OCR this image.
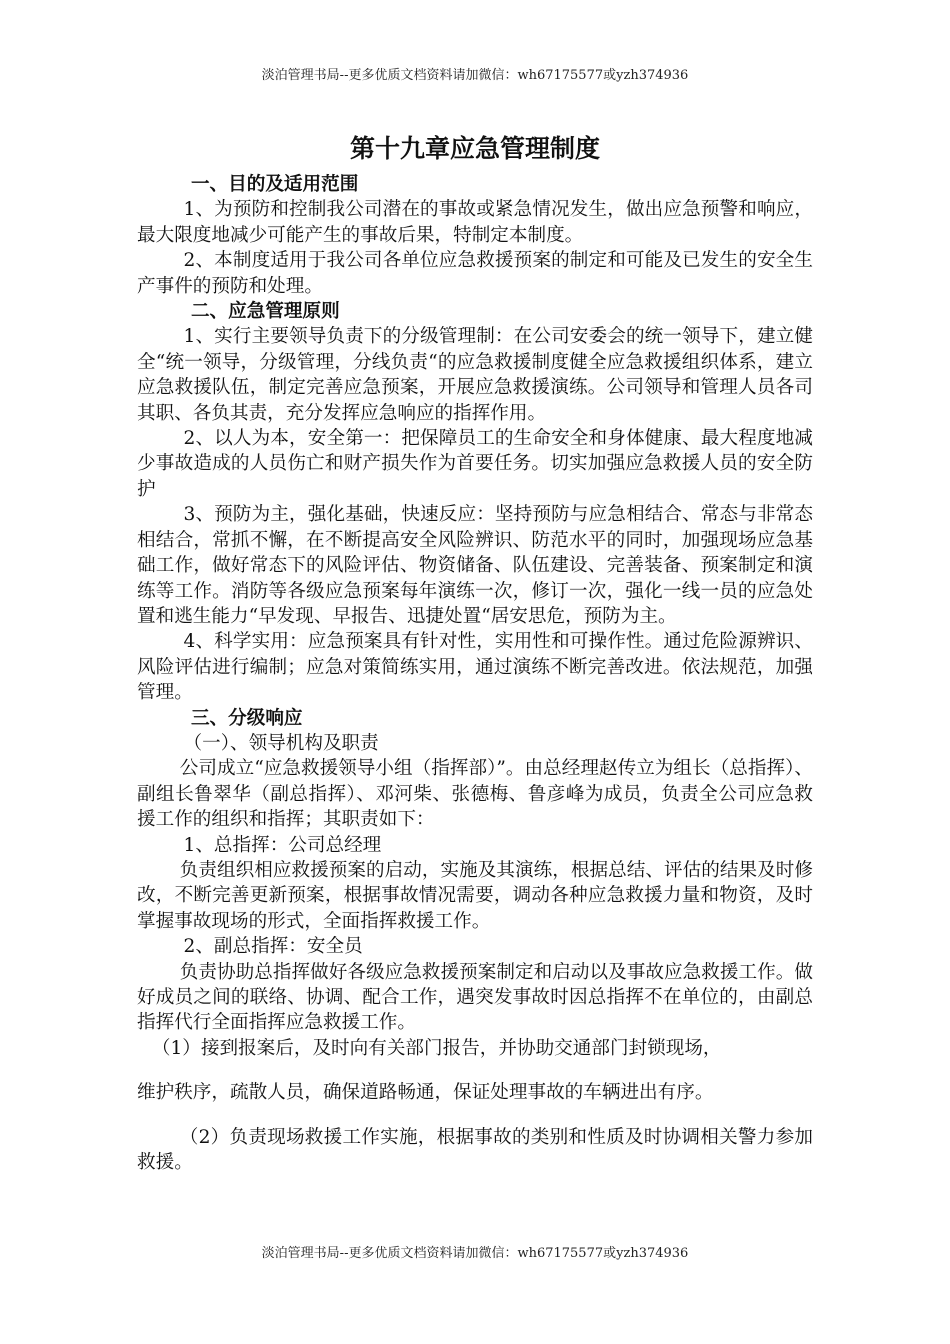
淡泊管理书局--更多优质文档资料请加微信：wh67175577或yzh374936
第十九章应急管理制度

一、目的及适用范围

1、为预防和控制我公司潜在的事故或紧急情况发生，做出应急预警和响应，最大限度地减少可能产生的事故后果，特制定本制度。

2、本制度适用于我公司各单位应急救援预案的制定和可能及已发生的安全生产事件的预防和处理。

二、应急管理原则

1、实行主要领导负责下的分级管理制：在公司安委会的统一领导下，建立健全“统一领导，分级管理，分线负责“的应急救援制度健全应急救援组织体系，建立应急救援队伍，制定完善应急预案，开展应急救援演练。公司领导和管理人员各司其职、各负其责，充分发挥应急响应的指挥作用。

2、以人为本，安全第一：把保障员工的生命安全和身体健康、最大程度地减少事故造成的人员伤亡和财产损失作为首要任务。切实加强应急救援人员的安全防护

3、预防为主，强化基础，快速反应：坚持预防与应急相结合、常态与非常态相结合，常抓不懈，在不断提高安全风险辨识、防范水平的同时，加强现场应急基础工作，做好常态下的风险评估、物资储备、队伍建设、完善装备、预案制定和演练等工作。消防等各级应急预案每年演练一次，修订一次，强化一线一员的应急处置和逃生能力“早发现、早报告、迅捷处置“居安思危，预防为主。

4、科学实用：应急预案具有针对性，实用性和可操作性。通过危险源辨识、风险评估进行编制；应急对策简练实用，通过演练不断完善改进。依法规范，加强管理。

三、分级响应

（一）、领导机构及职责

公司成立“应急救援领导小组（指挥部）”。由总经理赵传立为组长（总指挥）、副组长鲁翠华（副总指挥）、邓河柴、张德梅、鲁彦峰为成员，负责全公司应急救援工作的组织和指挥；其职责如下：

1、总指挥：公司总经理

负责组织相应救援预案的启动，实施及其演练，根据总结、评估的结果及时修改，不断完善更新预案，根据事故情况需要，调动各种应急救援力量和物资，及时掌握事故现场的形式，全面指挥救援工作。

2、副总指挥：安全员

负责协助总指挥做好各级应急救援预案制定和启动以及事故应急救援工作。做好成员之间的联络、协调、配合工作，遇突发事故时因总指挥不在单位的，由副总指挥代行全面指挥应急救援工作。

（1）接到报案后，及时向有关部门报告，并协助交通部门封锁现场，

维护秩序，疏散人员，确保道路畅通，保证处理事故的车辆进出有序。

（2）负责现场救援工作实施，根据事故的类别和性质及时协调相关警力参加救援。

淡泊管理书局--更多优质文档资料请加微信：wh67175577或yzh374936
